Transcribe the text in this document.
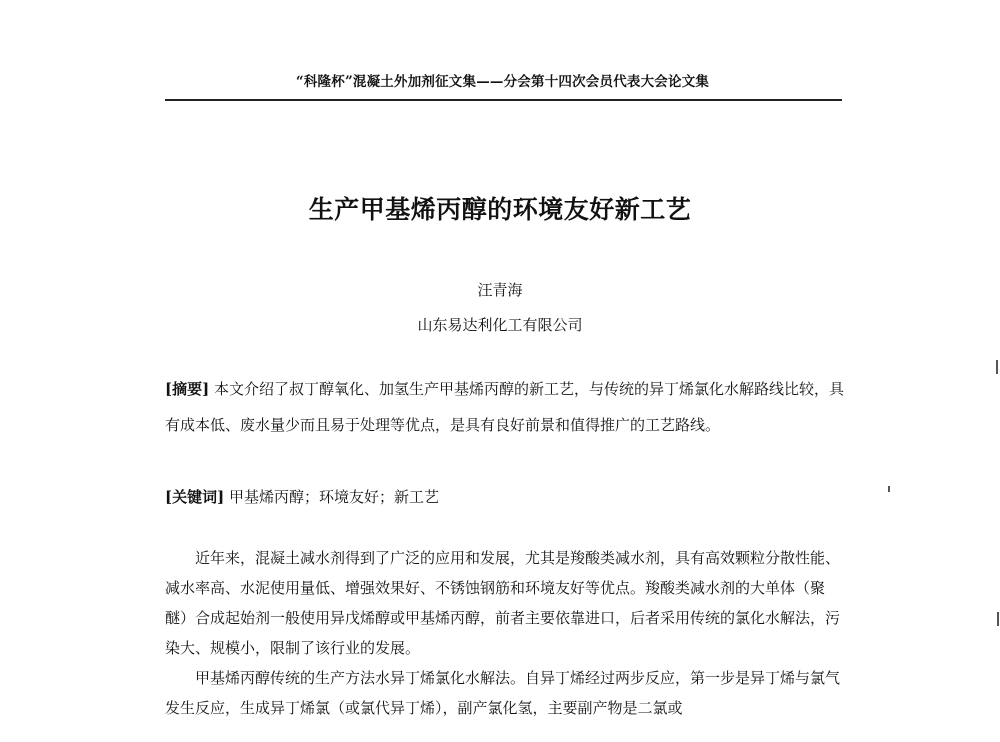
“科隆杯”混凝土外加剂征文集——分会第十四次会员代表大会论文集
生产甲基烯丙醇的环境友好新工艺
汪青海
山东易达利化工有限公司
[摘要] 本文介绍了叔丁醇氧化、加氢生产甲基烯丙醇的新工艺，与传统的异丁烯氯化水解路线比较，具有成本低、废水量少而且易于处理等优点，是具有良好前景和值得推广的工艺路线。
[关键词] 甲基烯丙醇；环境友好；新工艺

近年来，混凝土减水剂得到了广泛的应用和发展，尤其是羧酸类减水剂，具有高效颗粒分散性能、减水率高、水泥使用量低、增强效果好、不锈蚀钢筋和环境友好等优点。羧酸类减水剂的大单体（聚醚）合成起始剂一般使用异戊烯醇或甲基烯丙醇，前者主要依靠进口，后者采用传统的氯化水解法，污染大、规模小，限制了该行业的发展。

甲基烯丙醇传统的生产方法水异丁烯氯化水解法。自异丁烯经过两步反应，第一步是异丁烯与氯气发生反应，生成异丁烯氯（或氯代异丁烯），副产氯化氢，主要副产物是二氯或
